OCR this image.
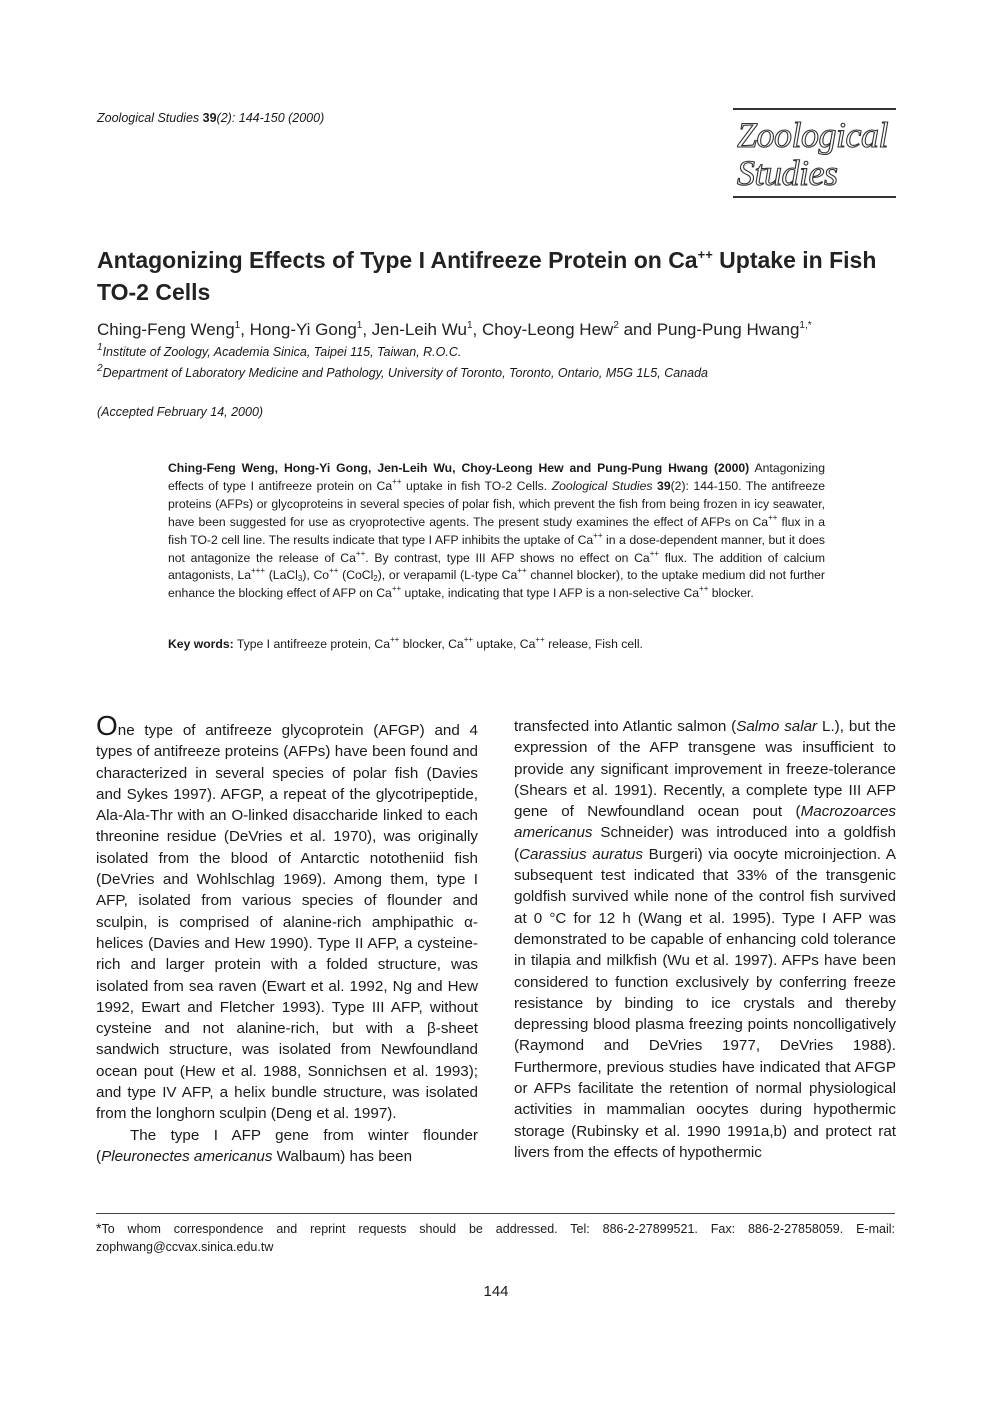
Zoological Studies 39(2): 144-150 (2000)	Zoological
Studies
Antagonizing Effects of Type I Antifreeze Protein on Ca++ Uptake in Fish TO-2 Cells
Ching-Feng Weng$^1$, Hong-Yi Gong$^1$, Jen-Leih Wu$^1$, Choy-Leong Hew$^2$ and Pung-Pung Hwang$^{1,*}$
$^1$Institute of Zoology, Academia Sinica, Taipei 115, Taiwan, R.O.C.
$^2$Department of Laboratory Medicine and Pathology, University of Toronto, Toronto, Ontario, M5G 1L5, Canada
(Accepted February 14, 2000)
Ching-Feng Weng, Hong-Yi Gong, Jen-Leih Wu, Choy-Leong Hew and Pung-Pung Hwang (2000) Antagonizing effects of type I antifreeze protein on Ca++ uptake in fish TO-2 Cells. Zoological Studies 39(2): 144-150. The antifreeze proteins (AFPs) or glycoproteins in several species of polar fish, which prevent the fish from being frozen in icy seawater, have been suggested for use as cryoprotective agents. The present study examines the effect of AFPs on Ca++ flux in a fish TO-2 cell line. The results indicate that type I AFP inhibits the uptake of Ca++ in a dose-dependent manner, but it does not antagonize the release of Ca++. By contrast, type III AFP shows no effect on Ca++ flux. The addition of calcium antagonists, La+++ (LaCl$_3$), Co++ (CoCl$_2$), or verapamil (L-type Ca++ channel blocker), to the uptake medium did not further enhance the blocking effect of AFP on Ca++ uptake, indicating that type I AFP is a non-selective Ca++ blocker.
Key words: Type I antifreeze protein, Ca++ blocker, Ca++ uptake, Ca++ release, Fish cell.

One type of antifreeze glycoprotein (AFGP) and 4 types of antifreeze proteins (AFPs) have been found and characterized in several species of polar fish (Davies and Sykes 1997). AFGP, a repeat of the glycotripeptide, Ala-Ala-Thr with an O-linked disaccharide linked to each threonine residue (DeVries et al. 1970), was originally isolated from the blood of Antarctic nototheniid fish (DeVries and Wohlschlag 1969). Among them, type I AFP, isolated from various species of flounder and sculpin, is comprised of alanine-rich amphipathic α-helices (Davies and Hew 1990). Type II AFP, a cysteine-rich and larger protein with a folded structure, was isolated from sea raven (Ewart et al. 1992, Ng and Hew 1992, Ewart and Fletcher 1993). Type III AFP, without cysteine and not alanine-rich, but with a β-sheet sandwich structure, was isolated from Newfoundland ocean pout (Hew et al. 1988, Sonnichsen et al. 1993); and type IV AFP, a helix bundle structure, was isolated from the longhorn sculpin (Deng et al. 1997).

The type I AFP gene from winter flounder (Pleuronectes americanus Walbaum) has been

transfected into Atlantic salmon (Salmo salar L.), but the expression of the AFP transgene was insufficient to provide any significant improvement in freeze-tolerance (Shears et al. 1991). Recently, a complete type III AFP gene of Newfoundland ocean pout (Macrozoarces americanus Schneider) was introduced into a goldfish (Carassius auratus Burgeri) via oocyte microinjection. A subsequent test indicated that 33% of the transgenic goldfish survived while none of the control fish survived at 0 °C for 12 h (Wang et al. 1995). Type I AFP was demonstrated to be capable of enhancing cold tolerance in tilapia and milkfish (Wu et al. 1997). AFPs have been considered to function exclusively by conferring freeze resistance by binding to ice crystals and thereby depressing blood plasma freezing points noncolligatively (Raymond and DeVries 1977, DeVries 1988). Furthermore, previous studies have indicated that AFGP or AFPs facilitate the retention of normal physiological activities in mammalian oocytes during hypothermic storage (Rubinsky et al. 1990 1991a,b) and protect rat livers from the effects of hypothermic

*To whom correspondence and reprint requests should be addressed. Tel: 886-2-27899521. Fax: 886-2-27858059. E-mail: zophwang@ccvax.sinica.edu.tw
144
